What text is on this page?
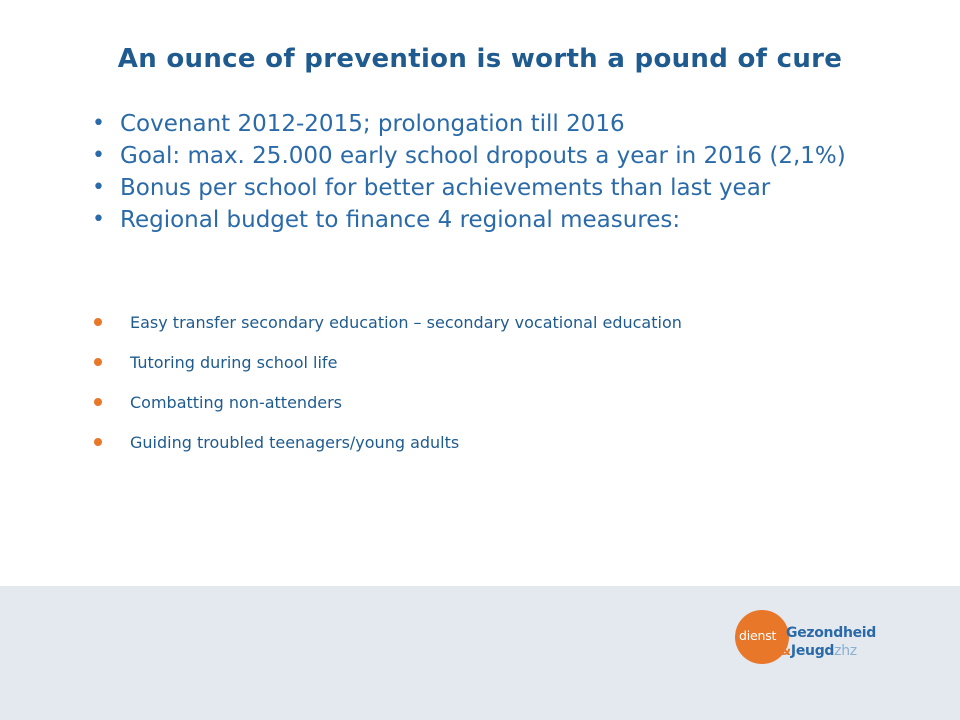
An ounce of prevention is worth a pound of cure
• Covenant 2012-2015; prolongation till 2016
• Goal: max. 25.000 early school dropouts a year in 2016 (2,1%)
• Bonus per school for better achievements than last year
• Regional budget to finance 4 regional measures:
Easy transfer secondary education – secondary vocational education
Tutoring during school life
Combatting non-attenders
Guiding troubled teenagers/young adults
dienst Gezondheid
&Jeugdzhz
